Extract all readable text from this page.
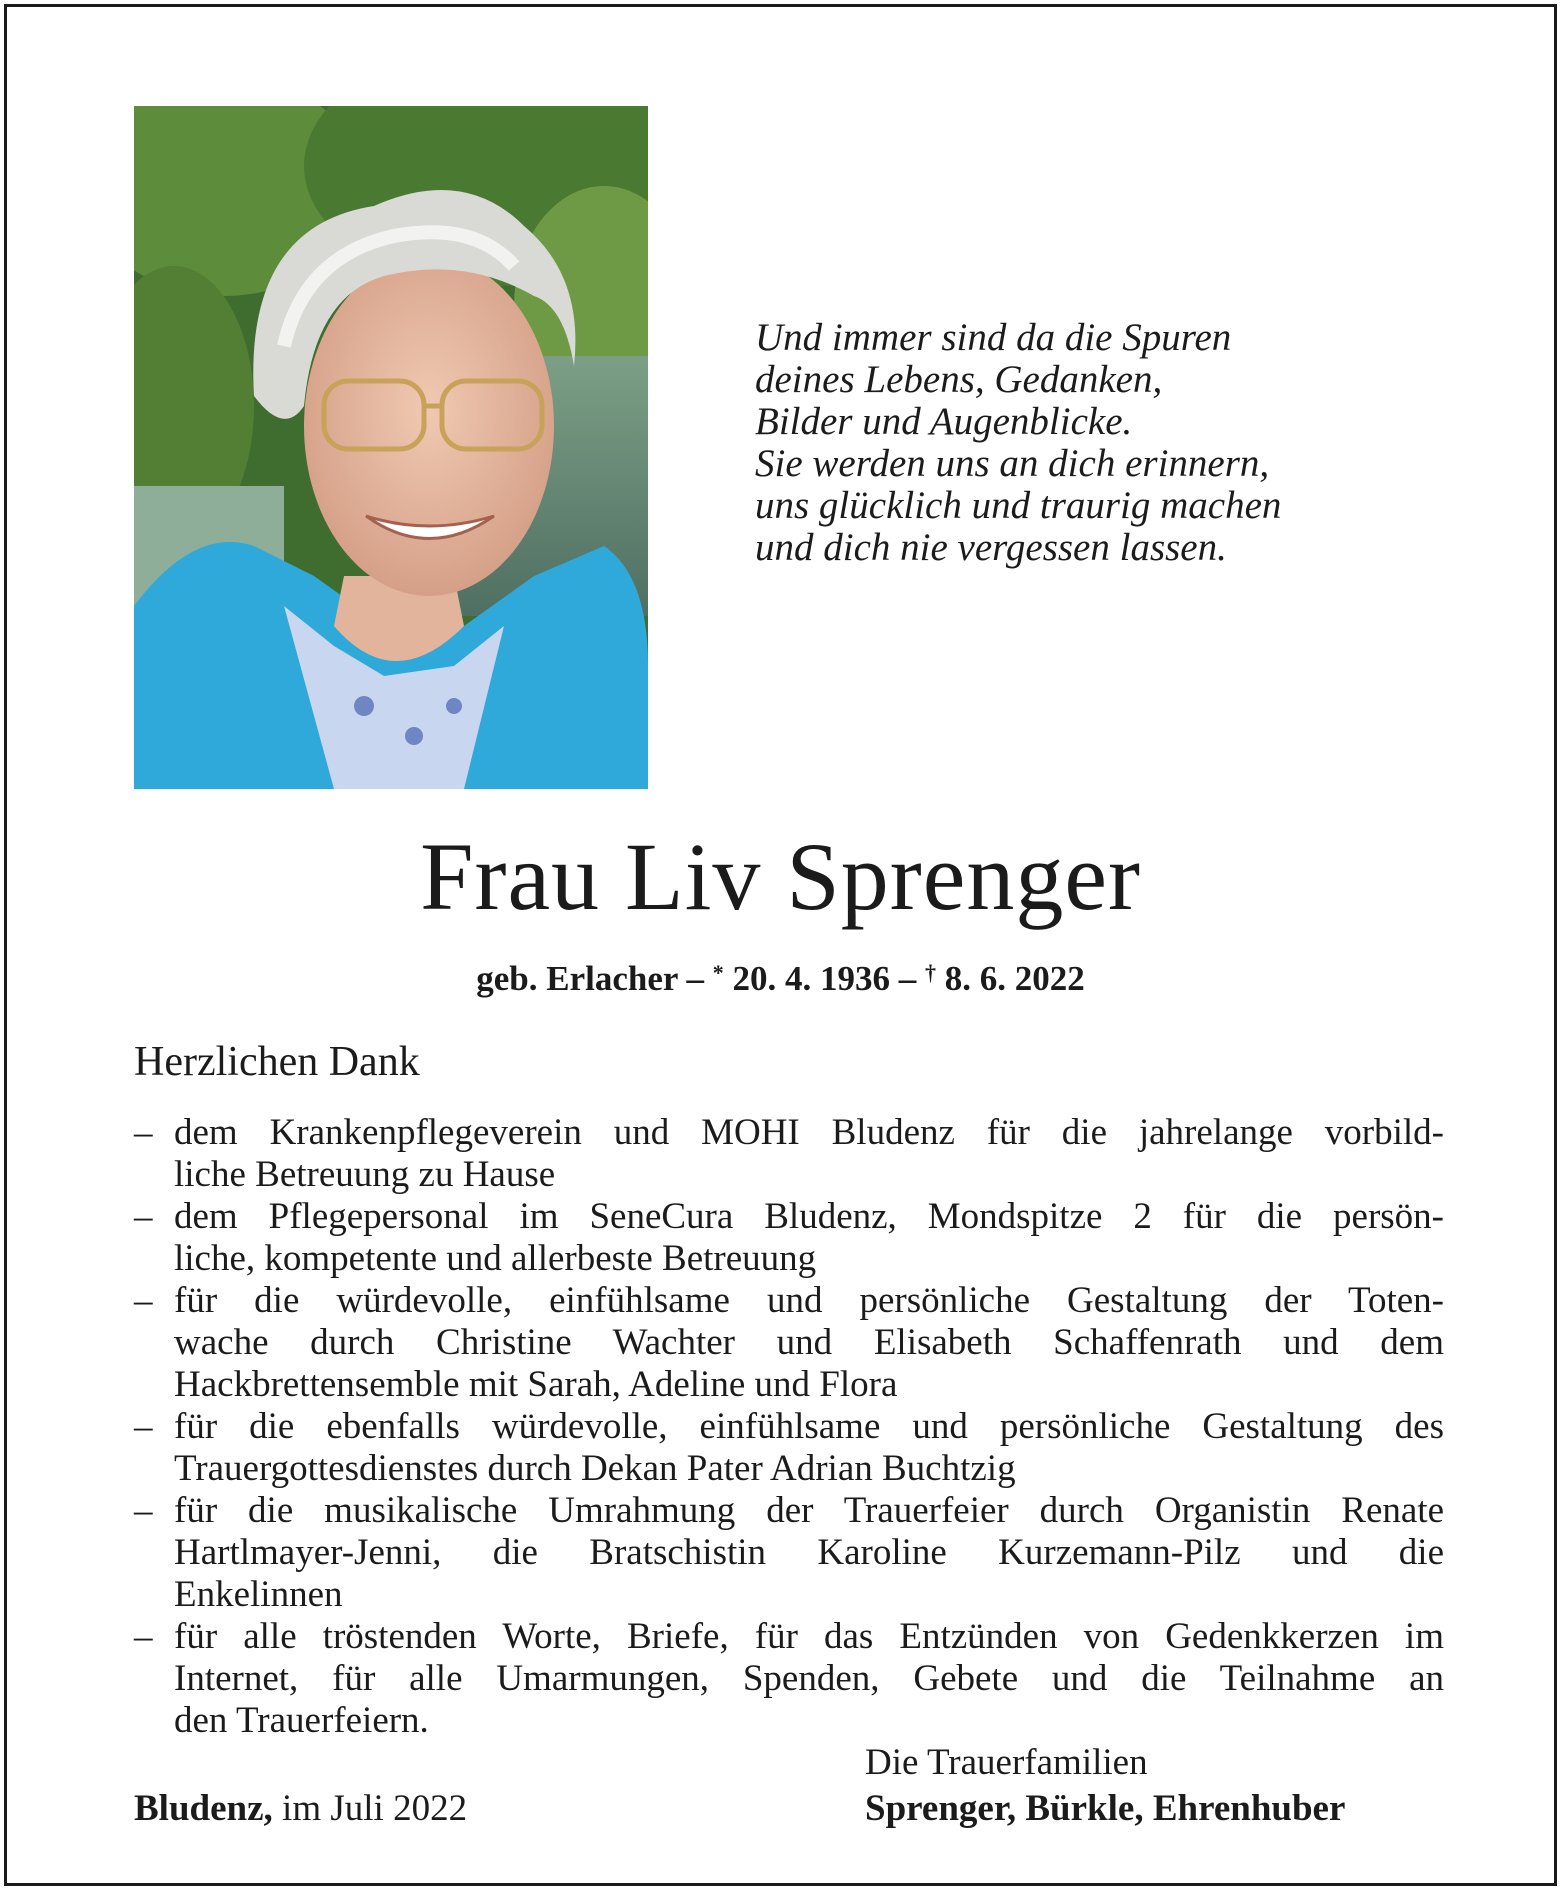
Und immer sind da die Spuren
deines Lebens, Gedanken,
Bilder und Augenblicke.
Sie werden uns an dich erinnern,
uns glücklich und traurig machen
und dich nie vergessen lassen.

Frau Liv Sprenger
geb. Erlacher – * 20. 4. 1936 – † 8. 6. 2022
Herzlichen Dank
– dem Krankenpflegeverein und MOHI Bludenz für die jahrelange vorbild-
liche Betreuung zu Hause
– dem Pflegepersonal im SeneCura Bludenz, Mondspitze 2 für die persön-
liche, kompetente und allerbeste Betreuung
– für die würdevolle, einfühlsame und persönliche Gestaltung der Toten-
wache durch Christine Wachter und Elisabeth Schaffenrath und dem
Hackbrettensemble mit Sarah, Adeline und Flora
– für die ebenfalls würdevolle, einfühlsame und persönliche Gestaltung des
Trauergottesdienstes durch Dekan Pater Adrian Buchtzig
– für die musikalische Umrahmung der Trauerfeier durch Organistin Renate
Hartlmayer-Jenni, die Bratschistin Karoline Kurzemann-Pilz und die
Enkelinnen
– für alle tröstenden Worte, Briefe, für das Entzünden von Gedenkkerzen im
Internet, für alle Umarmungen, Spenden, Gebete und die Teilnahme an
den Trauerfeiern.
Die Trauerfamilien
Sprenger, Bürkle, Ehrenhuber
Bludenz, im Juli 2022
